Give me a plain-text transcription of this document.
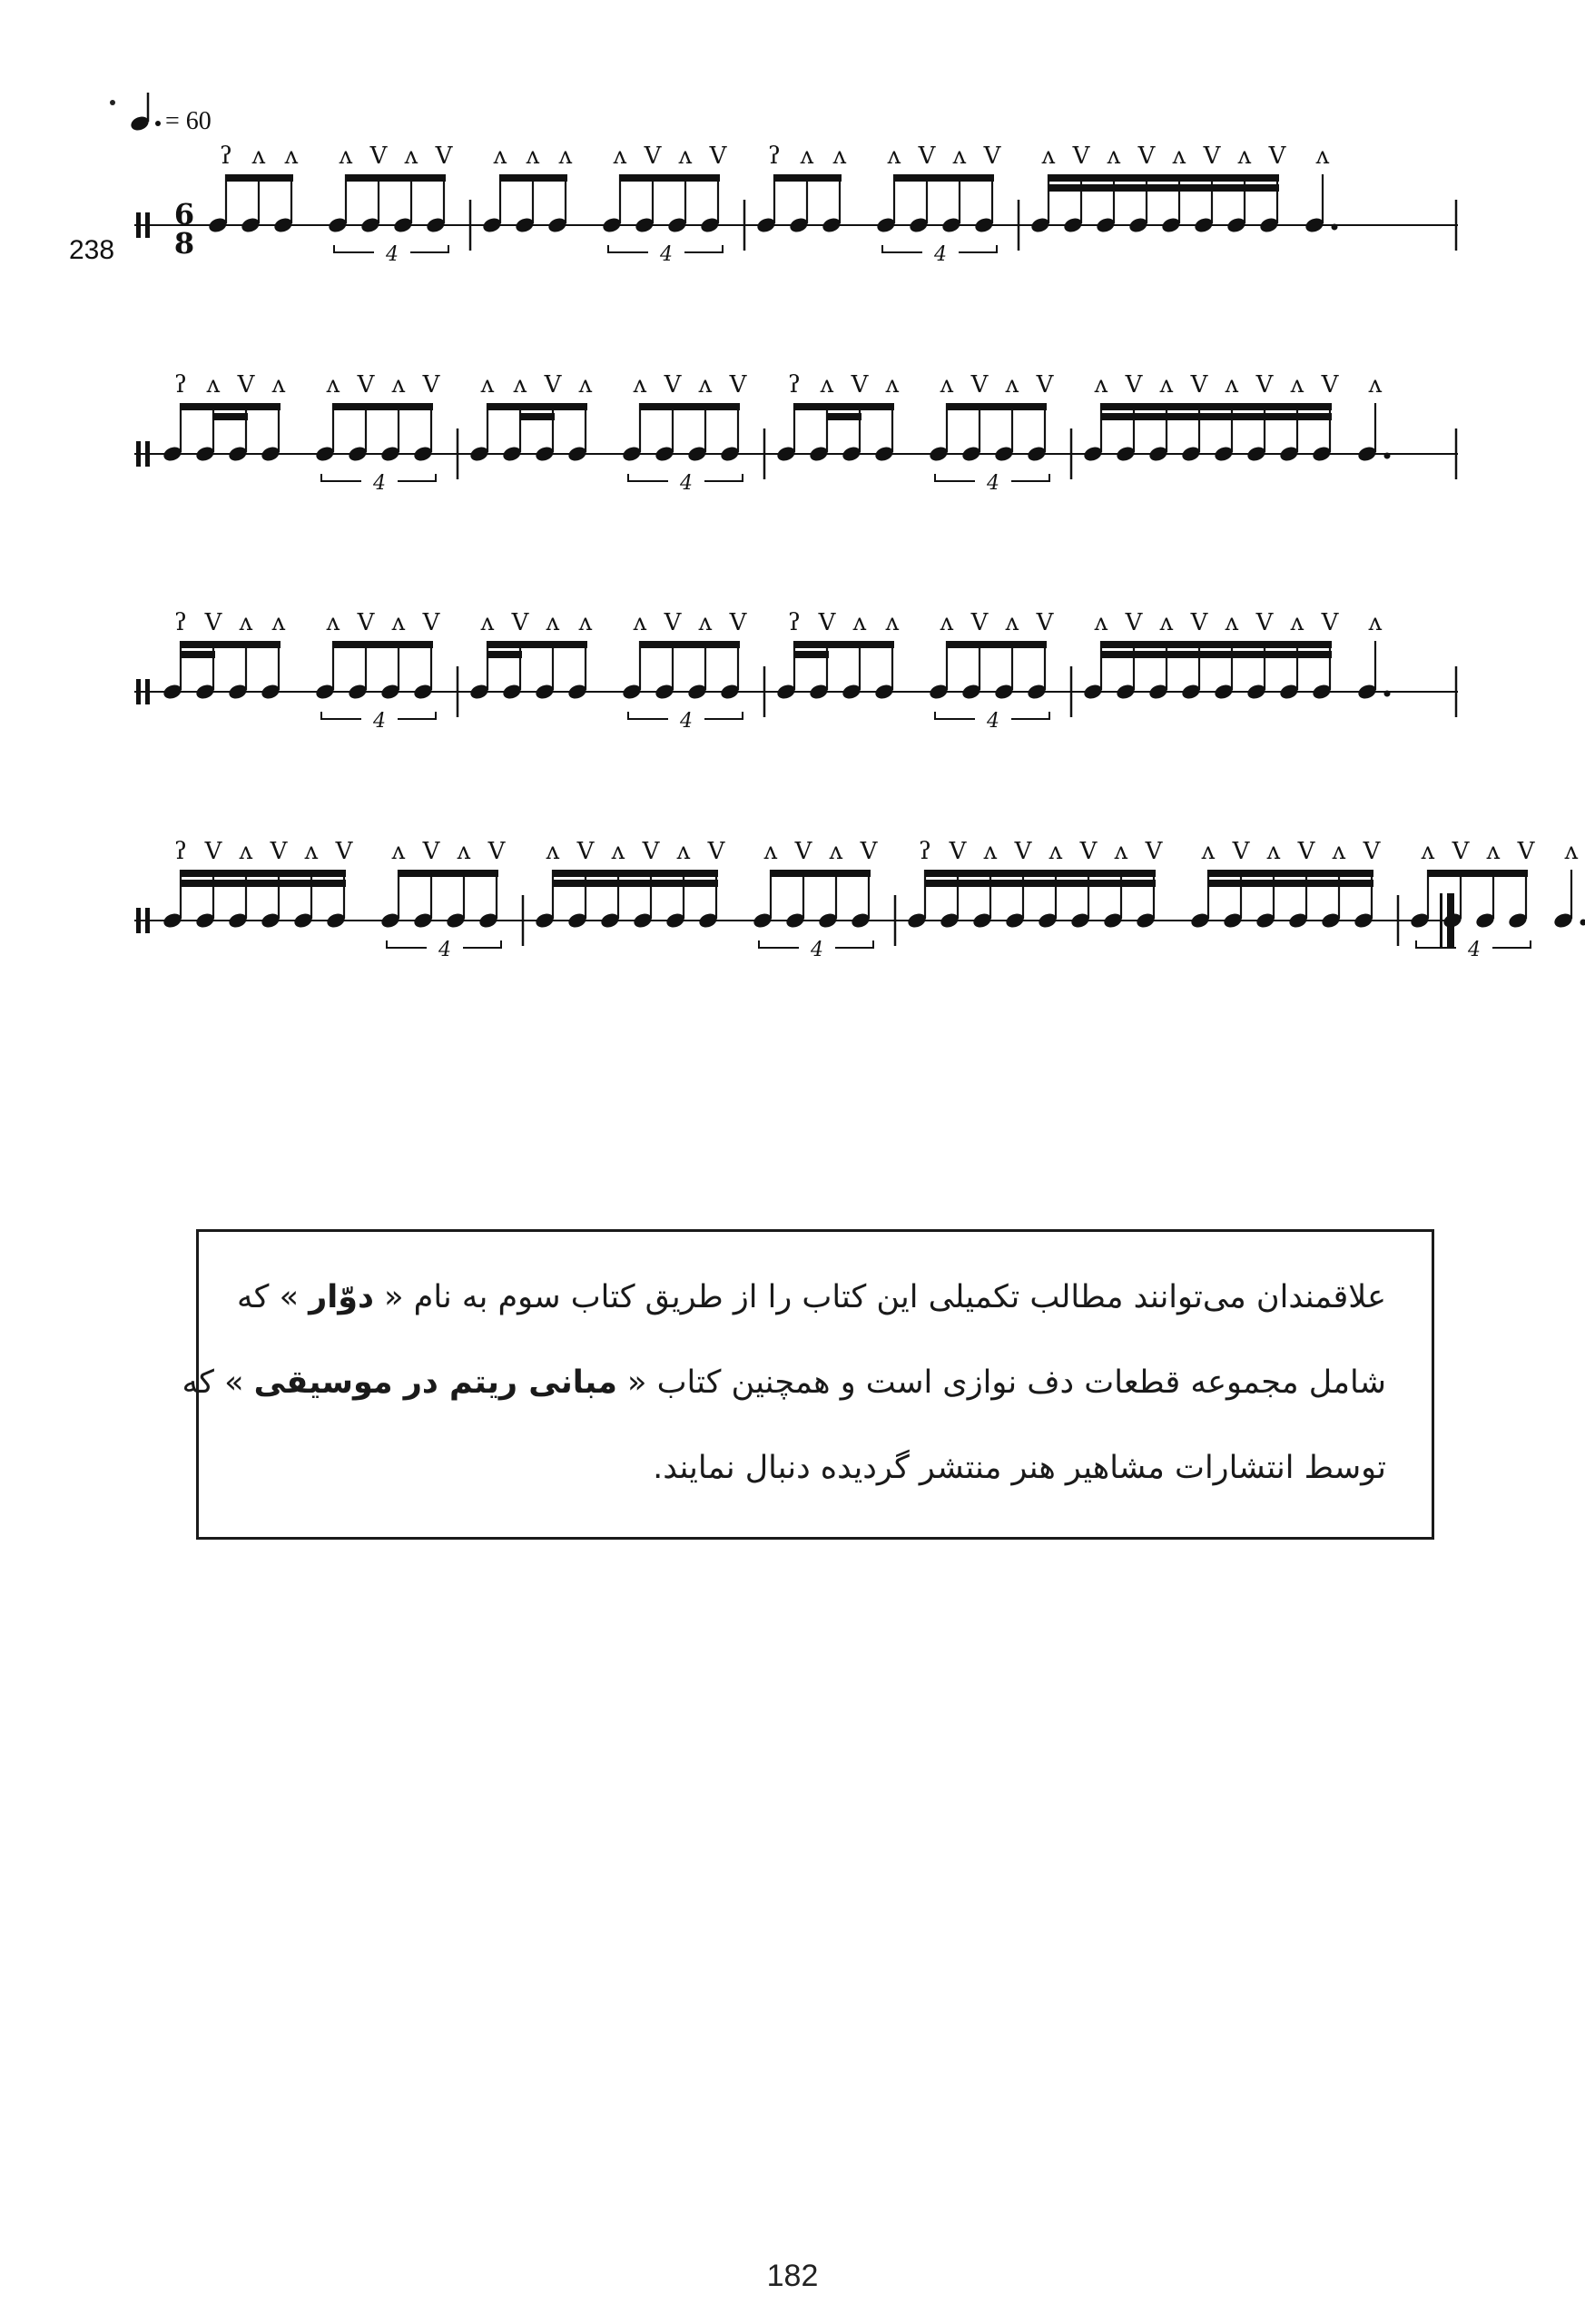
= 60
238
6
8
ʔ ʌ ʌ ʌ V ʌ V
4
ʌ ʌ ʌ ʌ V ʌ V
4
ʔ ʌ ʌ ʌ V ʌ V
4
ʌ V ʌ V ʌ V ʌ V ʌ
ʔ ʌ V ʌ ʌ V ʌ V
4
ʌ ʌ V ʌ ʌ V ʌ V
4
ʔ ʌ V ʌ ʌ V ʌ V
4
ʌ V ʌ V ʌ V ʌ V ʌ
ʔ V ʌ ʌ ʌ V ʌ V
4
ʌ V ʌ ʌ ʌ V ʌ V
4
ʔ V ʌ ʌ ʌ V ʌ V
4
ʌ V ʌ V ʌ V ʌ V ʌ
ʔ V ʌ V ʌ V ʌ V ʌ V
4
ʌ V ʌ V ʌ V ʌ V ʌ V
4
ʔ V ʌ V ʌ V ʌ V ʌ V ʌ V ʌ V ʌ V ʌ V
4
ʌ

علاقمندان می‌توانند مطالب تکمیلی این کتاب را از طریق کتاب سوم به نام « دوّار » که

شامل مجموعه قطعات دف نوازی است و همچنین کتاب « مبانی ریتم در موسیقی » که

توسط انتشارات مشاهیر هنر منتشر گردیده دنبال نمایند.

182
